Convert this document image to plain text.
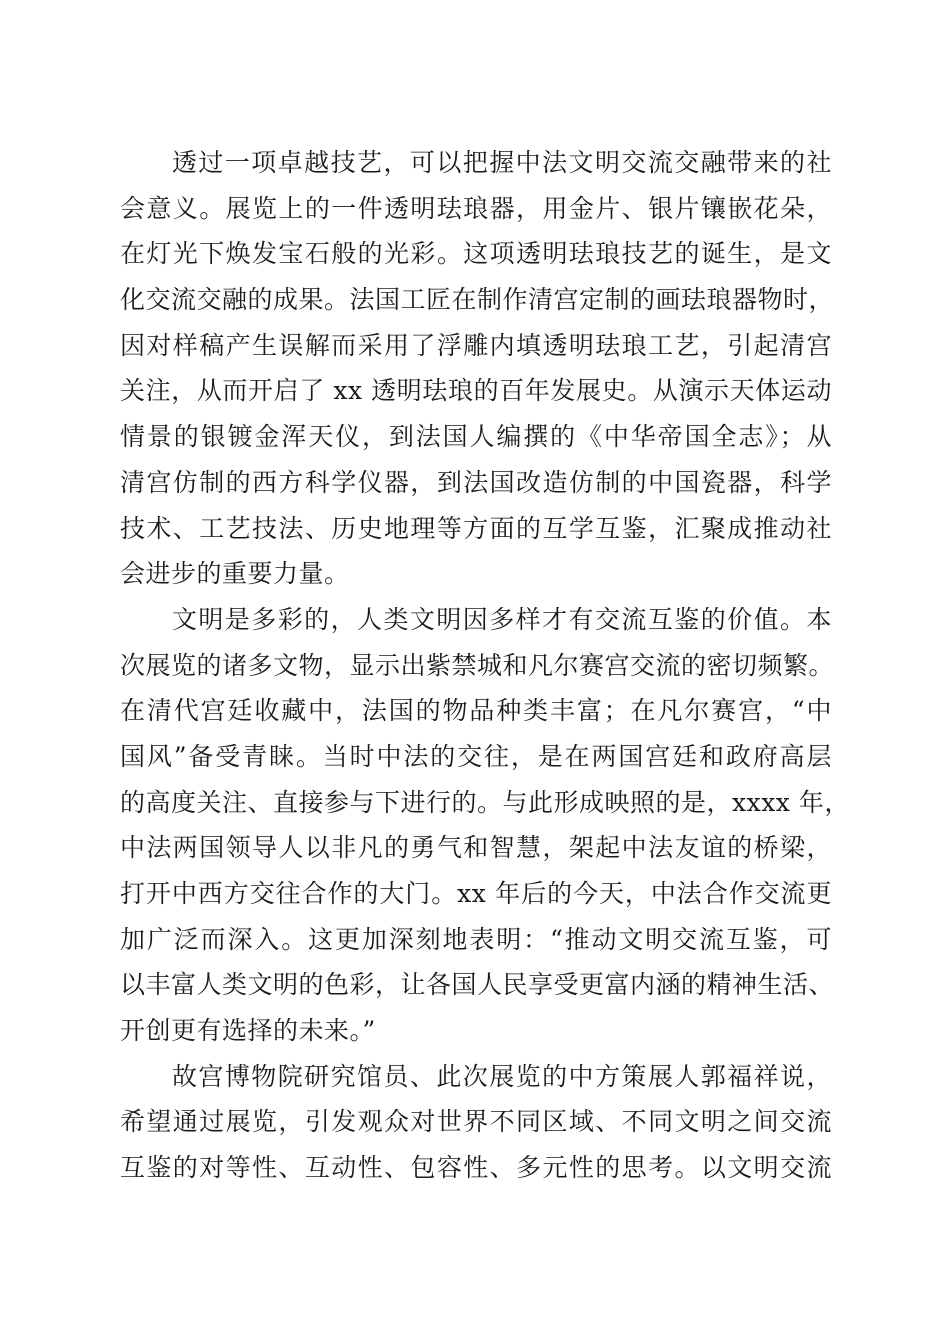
透过一项卓越技艺，可以把握中法文明交流交融带来的社
会意义。展览上的一件透明珐琅器，用金片、银片镶嵌花朵，
在灯光下焕发宝石般的光彩。这项透明珐琅技艺的诞生，是文
化交流交融的成果。法国工匠在制作清宫定制的画珐琅器物时，
因对样稿产生误解而采用了浮雕内填透明珐琅工艺，引起清宫
关注，从而开启了 xx 透明珐琅的百年发展史。从演示天体运动
情景的银镀金浑天仪，到法国人编撰的《中华帝国全志》；从
清宫仿制的西方科学仪器，到法国改造仿制的中国瓷器，科学
技术、工艺技法、历史地理等方面的互学互鉴，汇聚成推动社
会进步的重要力量。
文明是多彩的，人类文明因多样才有交流互鉴的价值。本
次展览的诸多文物，显示出紫禁城和凡尔赛宫交流的密切频繁。
在清代宫廷收藏中，法国的物品种类丰富；在凡尔赛宫，“中
国风”备受青睐。当时中法的交往，是在两国宫廷和政府高层
的高度关注、直接参与下进行的。与此形成映照的是，xxxx 年，
中法两国领导人以非凡的勇气和智慧，架起中法友谊的桥梁，
打开中西方交往合作的大门。xx 年后的今天，中法合作交流更
加广泛而深入。这更加深刻地表明：“推动文明交流互鉴，可
以丰富人类文明的色彩，让各国人民享受更富内涵的精神生活、
开创更有选择的未来。”
故宫博物院研究馆员、此次展览的中方策展人郭福祥说，
希望通过展览，引发观众对世界不同区域、不同文明之间交流
互鉴的对等性、互动性、包容性、多元性的思考。以文明交流
